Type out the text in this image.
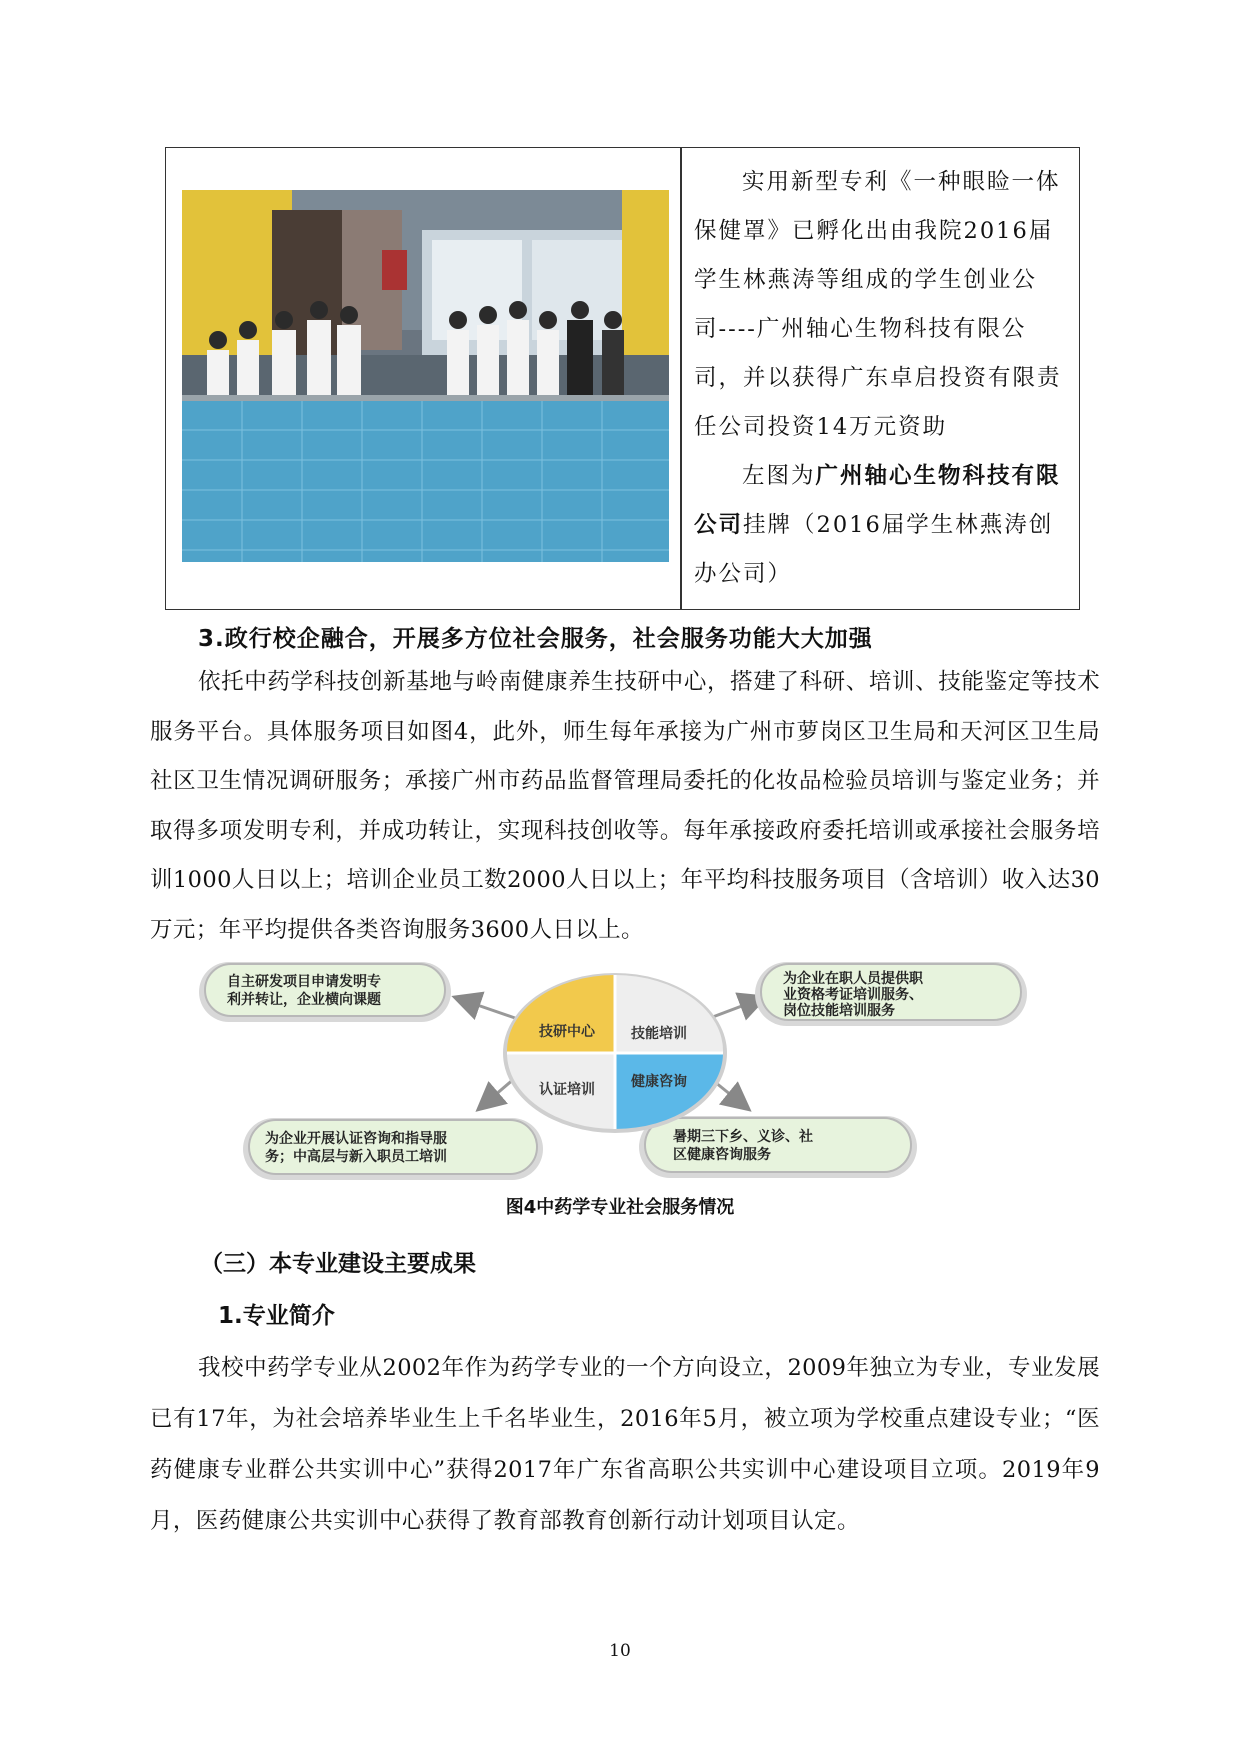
实用新型专利《一种眼睑一体保健罩》已孵化出由我院2016届学生林燕涛等组成的学生创业公司----广州轴心生物科技有限公司，并以获得广东卓启投资有限责任公司投资14万元资助

左图为广州轴心生物科技有限公司挂牌（2016届学生林燕涛创办公司）

3.政行校企融合，开展多方位社会服务，社会服务功能大大加强
依托中药学科技创新基地与岭南健康养生技研中心，搭建了科研、培训、技能鉴定等技术服务平台。具体服务项目如图4，此外，师生每年承接为广州市萝岗区卫生局和天河区卫生局社区卫生情况调研服务；承接广州市药品监督管理局委托的化妆品检验员培训与鉴定业务；并取得多项发明专利，并成功转让，实现科技创收等。每年承接政府委托培训或承接社会服务培训1000人日以上；培训企业员工数2000人日以上；年平均科技服务项目（含培训）收入达30万元；年平均提供各类咨询服务3600人日以上。
自主研发项目申请发明专
利并转让，企业横向课题
为企业在职人员提供职
业资格考证培训服务、
岗位技能培训服务
为企业开展认证咨询和指导服
务；中高层与新入职员工培训
暑期三下乡、义诊、社
区健康咨询服务
技研中心	技能培训
认证培训	健康咨询
图4中药学专业社会服务情况
（三）本专业建设主要成果
1.专业简介
我校中药学专业从2002年作为药学专业的一个方向设立，2009年独立为专业，专业发展已有17年，为社会培养毕业生上千名毕业生，2016年5月，被立项为学校重点建设专业；“医药健康专业群公共实训中心”获得2017年广东省高职公共实训中心建设项目立项。2019年9月，医药健康公共实训中心获得了教育部教育创新行动计划项目认定。
10
